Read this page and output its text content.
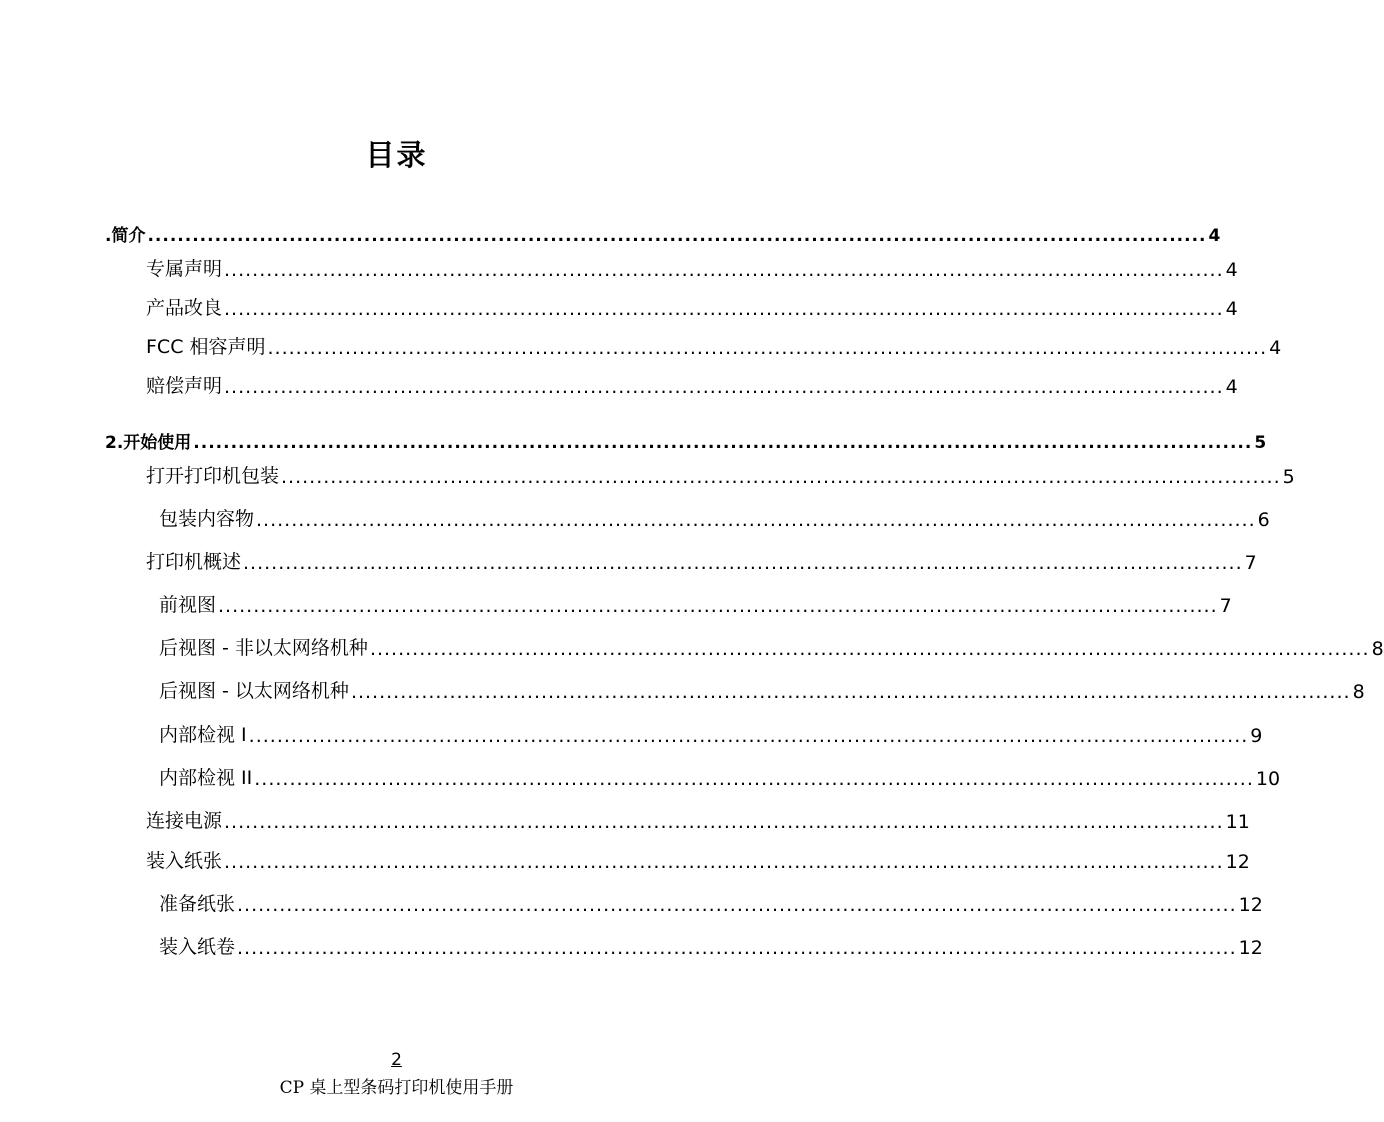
目录
. 简介 .............................................................................................................................................. 4
专属声明 .............................................................................................................................................. 4
产品改良 .............................................................................................................................................. 4
FCC 相容声明 .............................................................................................................................................. 4
赔偿声明 .............................................................................................................................................. 4
2. 开始使用 .............................................................................................................................................. 5
打开打印机包装 .............................................................................................................................................. 5
包装内容物 .............................................................................................................................................. 6
打印机概述 .............................................................................................................................................. 7
前视图 .............................................................................................................................................. 7
后视图 - 非以太网络机种 .............................................................................................................................................. 8
后视图 - 以太网络机种 .............................................................................................................................................. 8
内部检视 I .............................................................................................................................................. 9
内部检视 II .............................................................................................................................................. 10
连接电源 .............................................................................................................................................. 11
装入纸张 .............................................................................................................................................. 12
准备纸张 .............................................................................................................................................. 12
装入纸卷 .............................................................................................................................................. 12
2
CP 桌上型条码打印机使用手册
